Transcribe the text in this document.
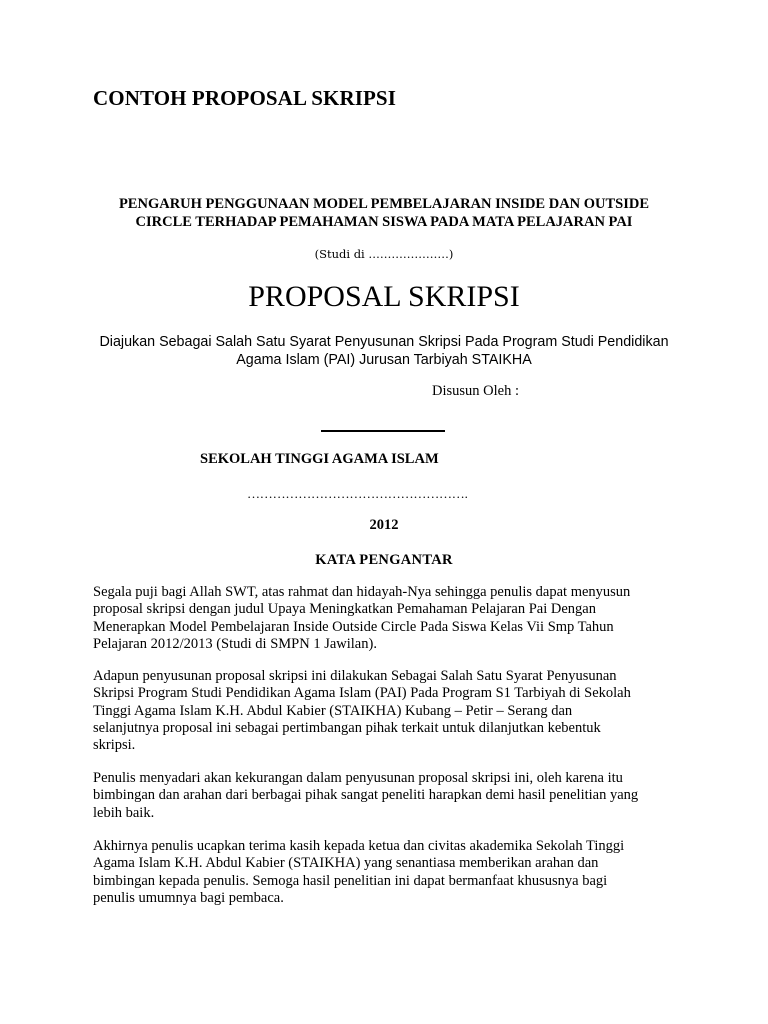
CONTOH PROPOSAL SKRIPSI
PENGARUH PENGGUNAAN MODEL PEMBELAJARAN INSIDE DAN OUTSIDE
CIRCLE TERHADAP PEMAHAMAN SISWA PADA MATA PELAJARAN PAI
(Studi di …………………)
PROPOSAL SKRIPSI
Diajukan Sebagai Salah Satu Syarat Penyusunan Skripsi Pada Program Studi Pendidikan
Agama Islam (PAI) Jurusan Tarbiyah STAIKHA
Disusun Oleh :
SEKOLAH TINGGI AGAMA ISLAM
…………………………………………….
2012
KATA PENGANTAR
Segala puji bagi Allah SWT, atas rahmat dan hidayah-Nya sehingga penulis dapat menyusun
proposal skripsi dengan judul Upaya Meningkatkan Pemahaman Pelajaran Pai Dengan
Menerapkan Model Pembelajaran Inside Outside Circle Pada Siswa Kelas Vii Smp Tahun
Pelajaran 2012/2013 (Studi di SMPN 1 Jawilan).
Adapun penyusunan proposal skripsi ini dilakukan Sebagai Salah Satu Syarat Penyusunan
Skripsi Program Studi Pendidikan Agama Islam (PAI) Pada Program S1 Tarbiyah di Sekolah
Tinggi Agama Islam K.H. Abdul Kabier (STAIKHA) Kubang – Petir – Serang dan
selanjutnya proposal ini sebagai pertimbangan pihak terkait untuk dilanjutkan kebentuk
skripsi.
Penulis menyadari akan kekurangan dalam penyusunan proposal skripsi ini, oleh karena itu
bimbingan dan arahan dari berbagai pihak sangat peneliti harapkan demi hasil penelitian yang
lebih baik.
Akhirnya penulis ucapkan terima kasih kepada ketua dan civitas akademika Sekolah Tinggi
Agama Islam K.H. Abdul Kabier (STAIKHA) yang senantiasa memberikan arahan dan
bimbingan kepada penulis. Semoga hasil penelitian ini dapat bermanfaat khususnya bagi
penulis umumnya bagi pembaca.
